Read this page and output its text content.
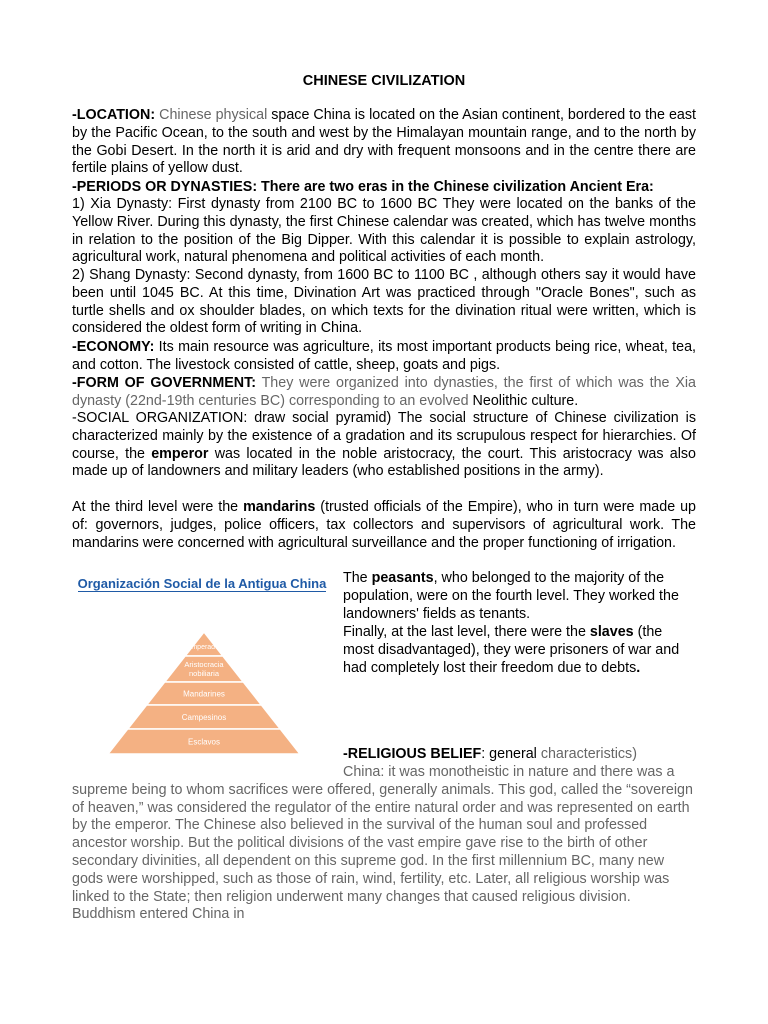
CHINESE CIVILIZATION
-LOCATION: Chinese physical space China is located on the Asian continent, bordered to the east by the Pacific Ocean, to the south and west by the Himalayan mountain range, and to the north by the Gobi Desert. In the north it is arid and dry with frequent monsoons and in the centre there are fertile plains of yellow dust.
-PERIODS OR DYNASTIES: There are two eras in the Chinese civilization Ancient Era:
1) Xia Dynasty: First dynasty from 2100 BC to 1600 BC They were located on the banks of the Yellow River. During this dynasty, the first Chinese calendar was created, which has twelve months in relation to the position of the Big Dipper. With this calendar it is possible to explain astrology, agricultural work, natural phenomena and political activities of each month.
2) Shang Dynasty: Second dynasty, from 1600 BC to 1100 BC , although others say it would have been until 1045 BC. At this time, Divination Art was practiced through "Oracle Bones", such as turtle shells and ox shoulder blades, on which texts for the divination ritual were written, which is considered the oldest form of writing in China.
-ECONOMY: Its main resource was agriculture, its most important products being rice, wheat, tea, and cotton. The livestock consisted of cattle, sheep, goats and pigs.
-FORM OF GOVERNMENT: They were organized into dynasties, the first of which was the Xia dynasty (22nd-19th centuries BC) corresponding to an evolved Neolithic culture.
-SOCIAL ORGANIZATION: draw social pyramid) The social structure of Chinese civilization is characterized mainly by the existence of a gradation and its scrupulous respect for hierarchies. Of course, the emperor was located in the noble aristocracy, the court. This aristocracy was also made up of landowners and military leaders (who established positions in the army).
At the third level were the mandarins (trusted officials of the Empire), who in turn were made up of: governors, judges, police officers, tax collectors and supervisors of agricultural work. The mandarins were concerned with agricultural surveillance and the proper functioning of irrigation.
Organización Social de la Antigua China
Emperador
Aristocracia
nobiliaria
Mandarines
Campesinos
Esclavos
The peasants, who belonged to the majority of the population, were on the fourth level. They worked the landowners' fields as tenants.
Finally, at the last level, there were the slaves (the most disadvantaged), they were prisoners of war and had completely lost their freedom due to debts.
-RELIGIOUS BELIEF: general characteristics)
China: it was monotheistic in nature and there was a supreme being to whom sacrifices were offered, generally animals. This god, called the “sovereign of heaven,” was considered the regulator of the entire natural order and was represented on earth by the emperor. The Chinese also believed in the survival of the human soul and professed ancestor worship. But the political divisions of the vast empire gave rise to the birth of other secondary divinities, all dependent on this supreme god. In the first millennium BC, many new gods were worshipped, such as those of rain, wind, fertility, etc. Later, all religious worship was linked to the State; then religion underwent many changes that caused religious division. Buddhism entered China in
